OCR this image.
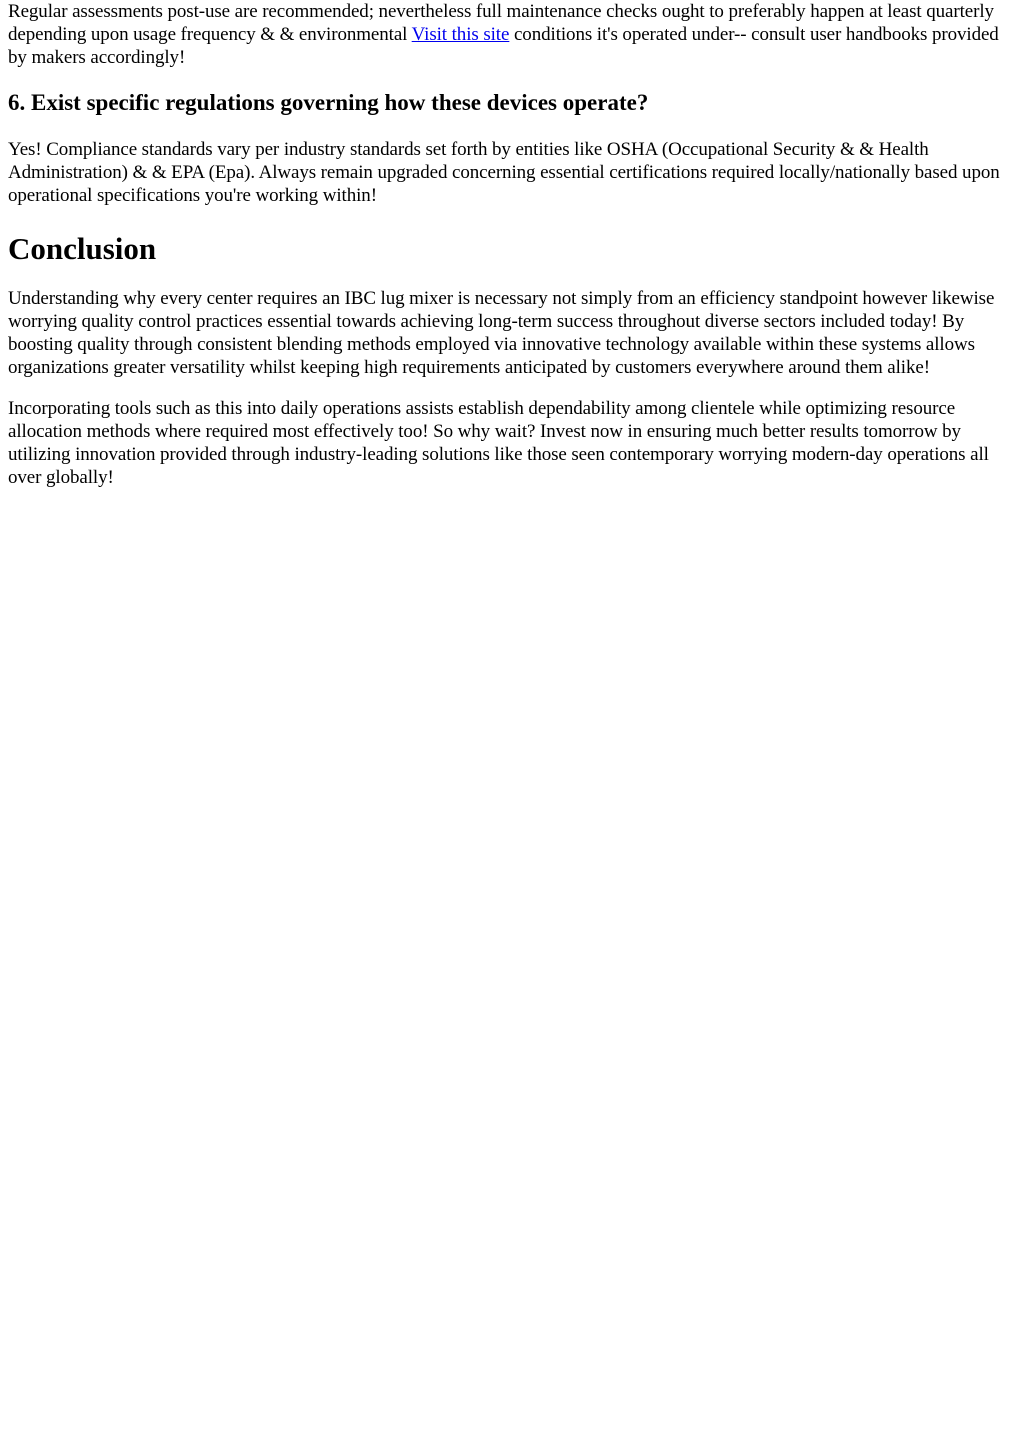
Regular assessments post-use are recommended; nevertheless full maintenance checks ought to preferably happen at least quarterly depending upon usage frequency & & environmental Visit this site conditions it's operated under-- consult user handbooks provided by makers accordingly!

6. Exist specific regulations governing how these devices operate?

Yes! Compliance standards vary per industry standards set forth by entities like OSHA (Occupational Security & & Health Administration) & & EPA (Epa). Always remain upgraded concerning essential certifications required locally/nationally based upon operational specifications you're working within!

Conclusion

Understanding why every center requires an IBC lug mixer is necessary not simply from an efficiency standpoint however likewise worrying quality control practices essential towards achieving long-term success throughout diverse sectors included today! By boosting quality through consistent blending methods employed via innovative technology available within these systems allows organizations greater versatility whilst keeping high requirements anticipated by customers everywhere around them alike!

Incorporating tools such as this into daily operations assists establish dependability among clientele while optimizing resource allocation methods where required most effectively too! So why wait? Invest now in ensuring much better results tomorrow by utilizing innovation provided through industry-leading solutions like those seen contemporary worrying modern-day operations all over globally!
